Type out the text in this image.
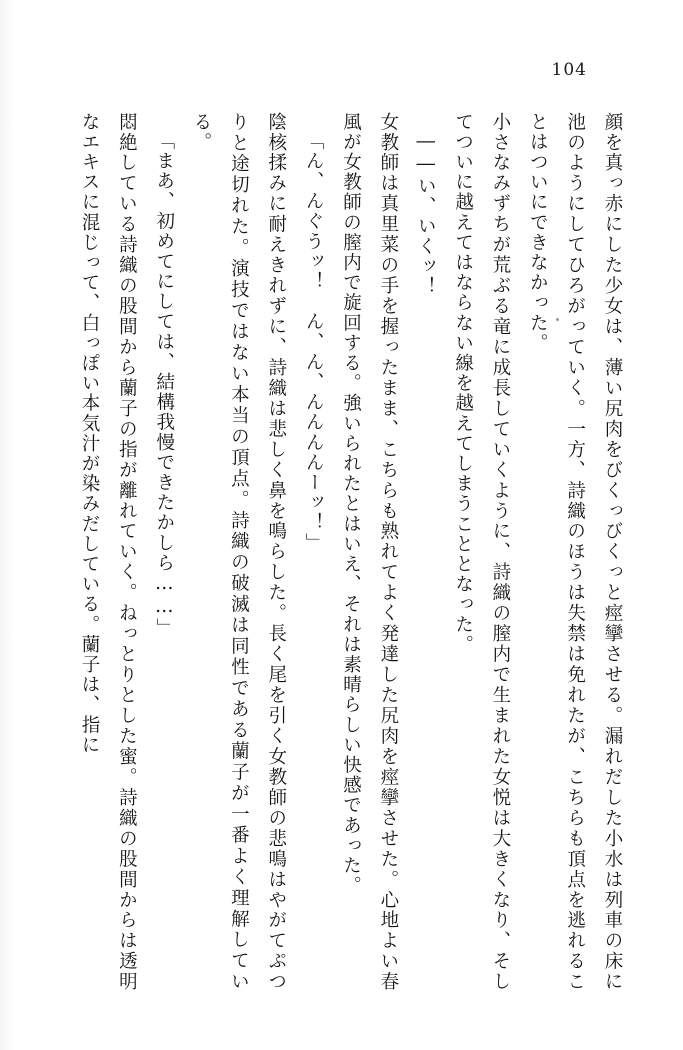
104

顔を真っ赤にした少女は、薄い尻肉をびくっびくっと痙攣させる。漏れだした小水は列車の床に池のようにしてひろがっていく。一方、詩織のほうは失禁は免れたが、こちらも頂点を逃れることはついにできなかった。

小さなみずちが荒ぶる竜に成長していくように、詩織の膣内で生まれた女悦は大きくなり、そしてついに越えてはならない線を越えてしまうこととなった。

――い、いくッ！

女教師は真里菜の手を握ったまま、こちらも熟れてよく発達した尻肉を痙攣させた。心地よい春風が女教師の膣内で旋回する。強いられたとはいえ、それは素晴らしい快感であった。

「ん、んぐうッ！　ん、ん、んんんんーッ！」

陰核揉みに耐えきれずに、詩織は悲しく鼻を鳴らした。長く尾を引く女教師の悲鳴はやがてぷつりと途切れた。演技ではない本当の頂点。詩織の破滅は同性である蘭子が一番よく理解している。

「まあ、初めてにしては、結構我慢できたかしら……」

悶絶している詩織の股間から蘭子の指が離れていく。ねっとりとした蜜。詩織の股間からは透明なエキスに混じって、白っぽい本気汁が染みだしている。蘭子は、指に
